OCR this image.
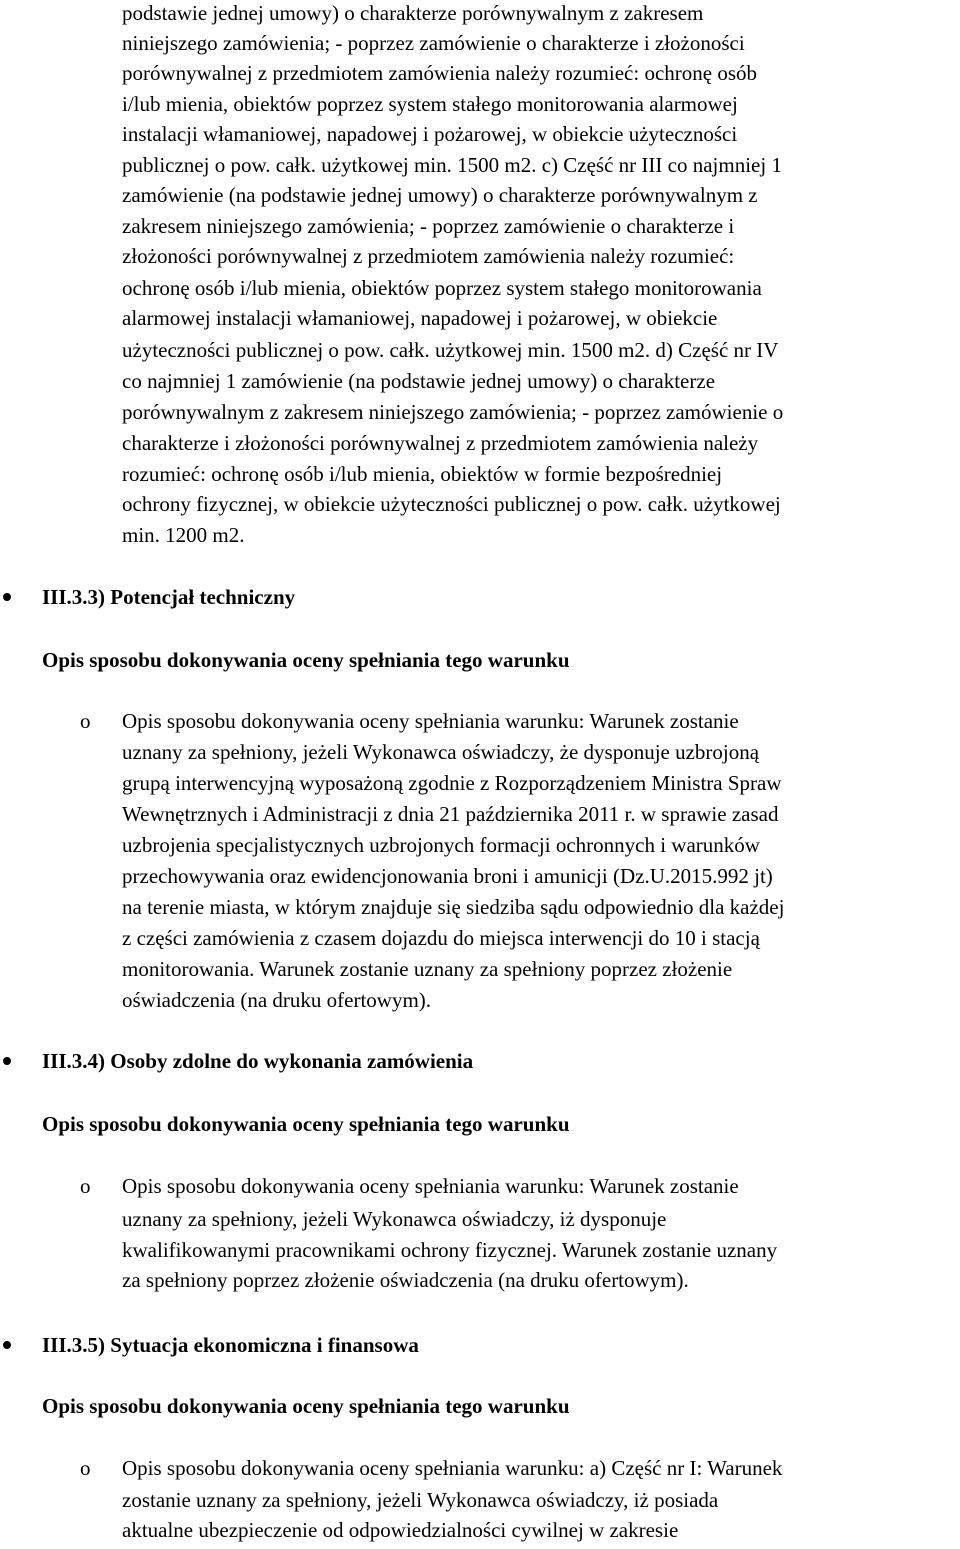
podstawie jednej umowy) o charakterze porównywalnym z zakresem
niniejszego zamówienia; - poprzez zamówienie o charakterze i złożoności
porównywalnej z przedmiotem zamówienia należy rozumieć: ochronę osób
i/lub mienia, obiektów poprzez system stałego monitorowania alarmowej
instalacji włamaniowej, napadowej i pożarowej, w obiekcie użyteczności
publicznej o pow. całk. użytkowej min. 1500 m2. c) Część nr III co najmniej 1
zamówienie (na podstawie jednej umowy) o charakterze porównywalnym z
zakresem niniejszego zamówienia; - poprzez zamówienie o charakterze i
złożoności porównywalnej z przedmiotem zamówienia należy rozumieć:
ochronę osób i/lub mienia, obiektów poprzez system stałego monitorowania
alarmowej instalacji włamaniowej, napadowej i pożarowej, w obiekcie
użyteczności publicznej o pow. całk. użytkowej min. 1500 m2. d) Część nr IV
co najmniej 1 zamówienie (na podstawie jednej umowy) o charakterze
porównywalnym z zakresem niniejszego zamówienia; - poprzez zamówienie o
charakterze i złożoności porównywalnej z przedmiotem zamówienia należy
rozumieć: ochronę osób i/lub mienia, obiektów w formie bezpośredniej
ochrony fizycznej, w obiekcie użyteczności publicznej o pow. całk. użytkowej
min. 1200 m2.
III.3.3) Potencjał techniczny
Opis sposobu dokonywania oceny spełniania tego warunku
o Opis sposobu dokonywania oceny spełniania warunku: Warunek zostanie
uznany za spełniony, jeżeli Wykonawca oświadczy, że dysponuje uzbrojoną
grupą interwencyjną wyposażoną zgodnie z Rozporządzeniem Ministra Spraw
Wewnętrznych i Administracji z dnia 21 października 2011 r. w sprawie zasad
uzbrojenia specjalistycznych uzbrojonych formacji ochronnych i warunków
przechowywania oraz ewidencjonowania broni i amunicji (Dz.U.2015.992 jt)
na terenie miasta, w którym znajduje się siedziba sądu odpowiednio dla każdej
z części zamówienia z czasem dojazdu do miejsca interwencji do 10 i stacją
monitorowania. Warunek zostanie uznany za spełniony poprzez złożenie
oświadczenia (na druku ofertowym).
III.3.4) Osoby zdolne do wykonania zamówienia
Opis sposobu dokonywania oceny spełniania tego warunku
o Opis sposobu dokonywania oceny spełniania warunku: Warunek zostanie
uznany za spełniony, jeżeli Wykonawca oświadczy, iż dysponuje
kwalifikowanymi pracownikami ochrony fizycznej. Warunek zostanie uznany
za spełniony poprzez złożenie oświadczenia (na druku ofertowym).
III.3.5) Sytuacja ekonomiczna i finansowa
Opis sposobu dokonywania oceny spełniania tego warunku
o Opis sposobu dokonywania oceny spełniania warunku: a) Część nr I: Warunek
zostanie uznany za spełniony, jeżeli Wykonawca oświadczy, iż posiada
aktualne ubezpieczenie od odpowiedzialności cywilnej w zakresie
